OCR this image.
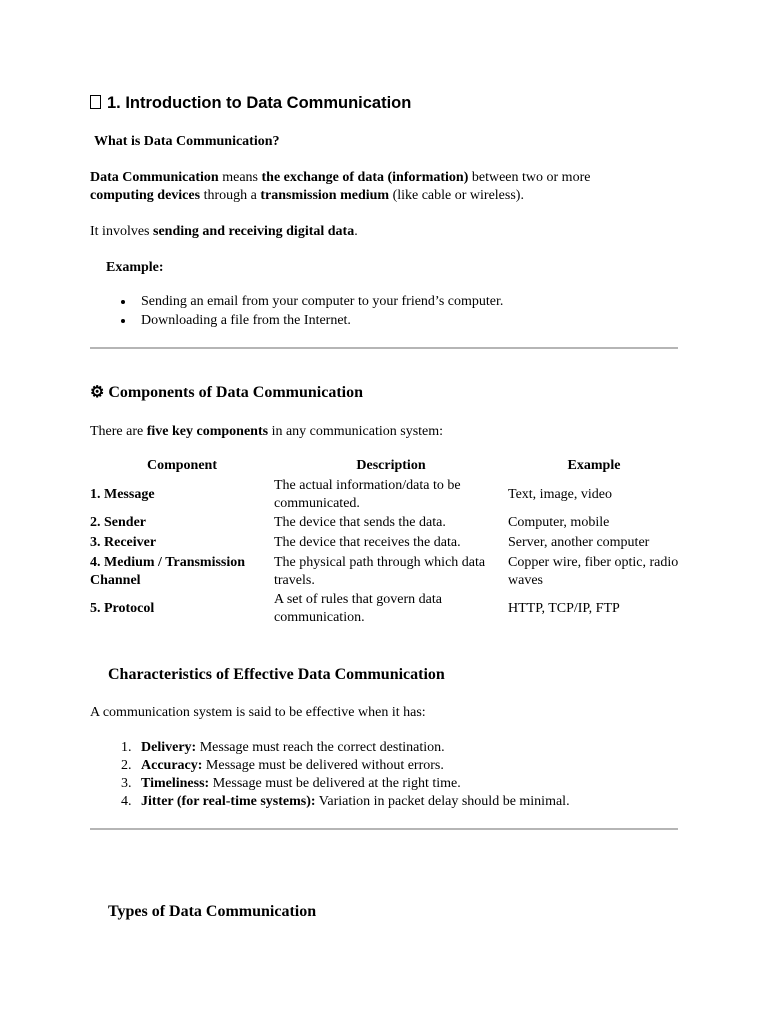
1. Introduction to Data Communication
What is Data Communication?
Data Communication means the exchange of data (information) between two or more
computing devices through a transmission medium (like cable or wireless).
It involves sending and receiving digital data.
Example:
• Sending an email from your computer to your friend’s computer.
• Downloading a file from the Internet.
⚙ Components of Data Communication
There are five key components in any communication system:
Component	Description	Example
1. Message	The actual information/data to be communicated.	Text, image, video
2. Sender	The device that sends the data.	Computer, mobile
3. Receiver	The device that receives the data.	Server, another computer
4. Medium / Transmission Channel	The physical path through which data travels.	Copper wire, fiber optic, radio waves
5. Protocol	A set of rules that govern data communication.	HTTP, TCP/IP, FTP
Characteristics of Effective Data Communication
A communication system is said to be effective when it has:
1. Delivery: Message must reach the correct destination.
2. Accuracy: Message must be delivered without errors.
3. Timeliness: Message must be delivered at the right time.
4. Jitter (for real-time systems): Variation in packet delay should be minimal.
Types of Data Communication
